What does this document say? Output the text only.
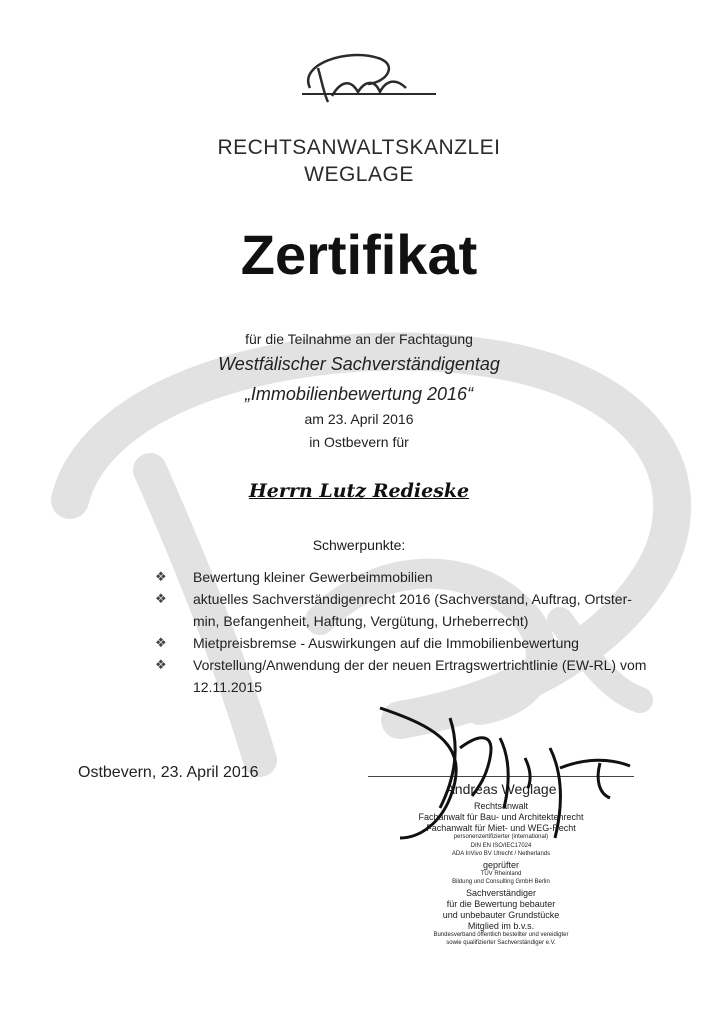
RECHTSANWALTSKANZLEI
WEGLAGE
Zertifikat
für die Teilnahme an der Fachtagung
Westfälischer Sachverständigentag
„Immobilienbewertung 2016“
am 23. April 2016
in Ostbevern für
Herrn Lutz Redieske
Schwerpunkte:
❖ Bewertung kleiner Gewerbeimmobilien
❖ aktuelles Sachverständigenrecht 2016 (Sachverstand, Auftrag, Ortster-
min, Befangenheit, Haftung, Vergütung, Urheberrecht)
❖ Mietpreisbremse - Auswirkungen auf die Immobilienbewertung
❖ Vorstellung/Anwendung der der neuen Ertragswertrichtlinie (EW-RL) vom
12.11.2015
Ostbevern, 23. April 2016
Andreas Weglage
Rechtsanwalt
Fachanwalt für Bau- und Architektenrecht
Fachanwalt für Miet- und WEG-Recht
personenzertifizierter (international)
DIN EN ISO/IEC17024
ADA InVivo BV Utrecht / Netherlands
geprüfter
TÜV Rheinland
Bildung und Consulting GmbH Berlin
Sachverständiger
für die Bewertung bebauter
und unbebauter Grundstücke
Mitglied im b.v.s.
Bundesverband öffentlich bestellter und vereidigter
sowie qualifizierter Sachverständiger e.V.
